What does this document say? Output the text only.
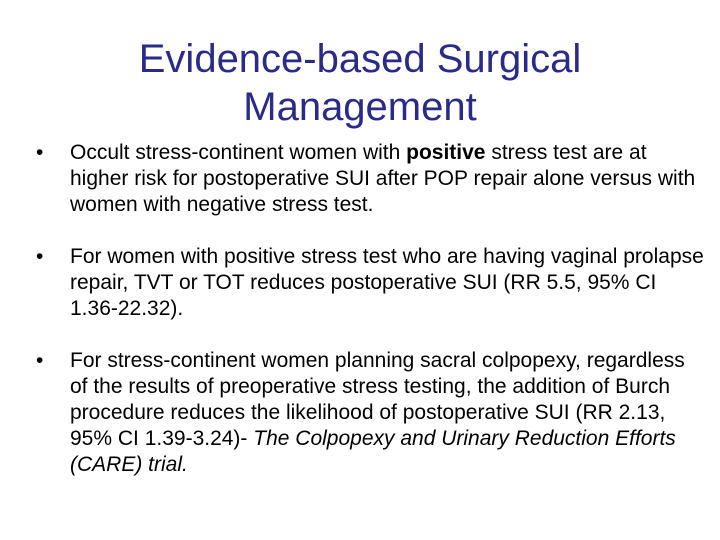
Evidence-based Surgical
Management
•	Occult stress-continent women with positive stress test are at higher risk for postoperative SUI after POP repair alone versus with women with negative stress test.
•	For women with positive stress test who are having vaginal prolapse repair, TVT or TOT reduces postoperative SUI (RR 5.5, 95% CI 1.36-22.32).
•	For stress-continent women planning sacral colpopexy, regardless of the results of preoperative stress testing, the addition of Burch procedure reduces the likelihood of postoperative SUI (RR 2.13, 95% CI 1.39-3.24)- The Colpopexy and Urinary Reduction Efforts (CARE) trial.
